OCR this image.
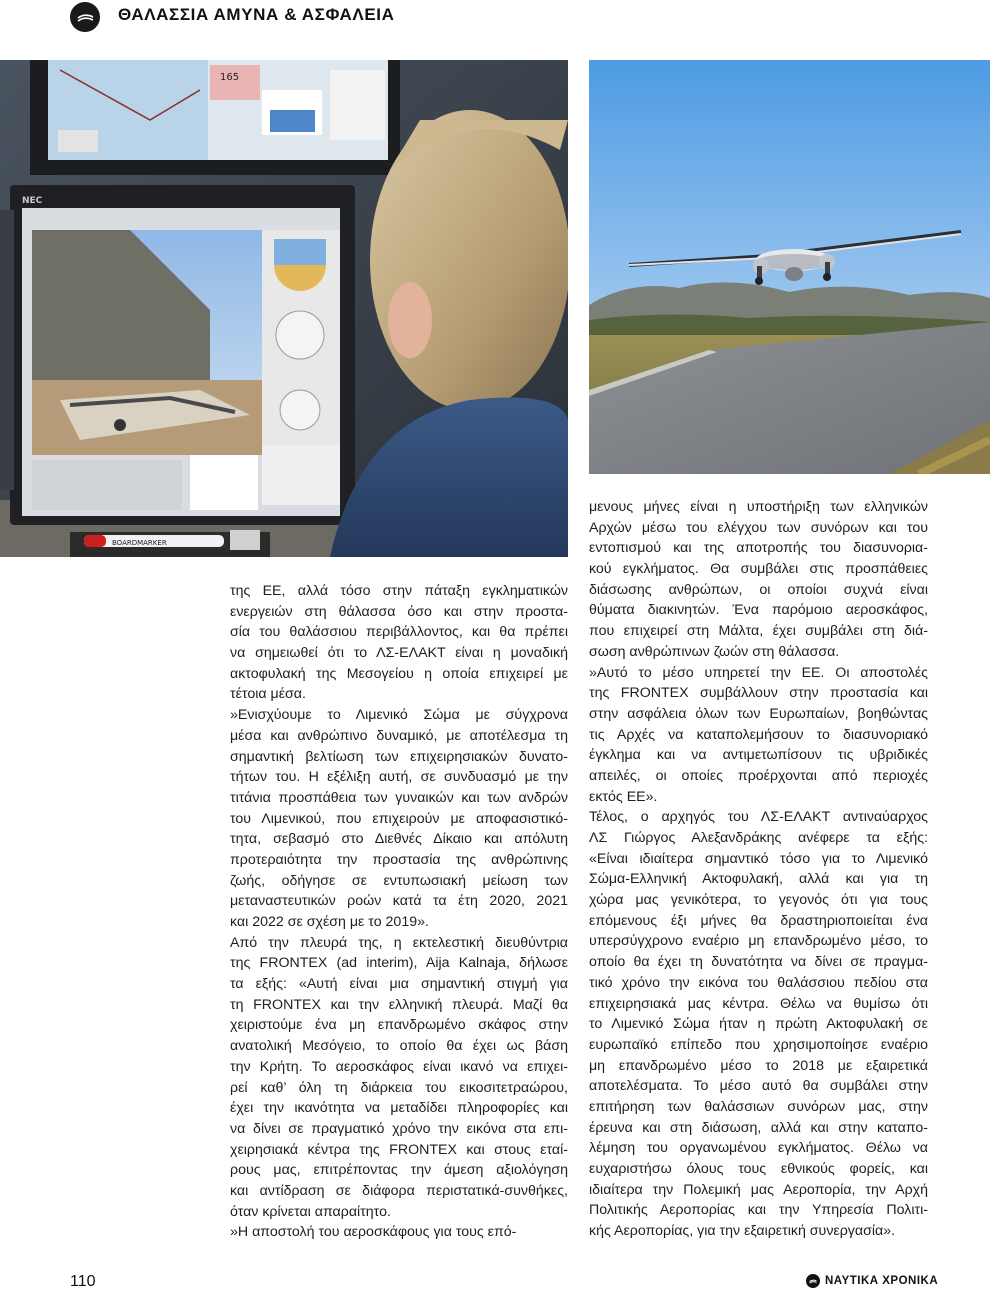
ΘΑΛΑΣΣΙΑ ΑΜΥΝΑ & ΑΣΦΑΛΕΙΑ
165
NEC
BOARDMARKER
της ΕΕ, αλλά τόσο στην πάταξη εγκληματικών
ενεργειών στη θάλασσα όσο και στην προστα-
σία του θαλάσσιου περιβάλλοντος, και θα πρέπει
να σημειωθεί ότι το ΛΣ-ΕΛΑΚΤ είναι η μοναδική
ακτοφυλακή της Μεσογείου η οποία επιχειρεί με
τέτοια μέσα.
»Ενισχύουμε το Λιμενικό Σώμα με σύγχρονα
μέσα και ανθρώπινο δυναμικό, με αποτέλεσμα τη
σημαντική βελτίωση των επιχειρησιακών δυνατο-
τήτων του. Η εξέλιξη αυτή, σε συνδυασμό με την
τιτάνια προσπάθεια των γυναικών και των ανδρών
του Λιμενικού, που επιχειρούν με αποφασιστικό-
τητα, σεβασμό στο Διεθνές Δίκαιο και απόλυτη
προτεραιότητα την προστασία της ανθρώπινης
ζωής, οδήγησε σε εντυπωσιακή μείωση των
μεταναστευτικών ροών κατά τα έτη 2020, 2021
και 2022 σε σχέση με το 2019».
Από την πλευρά της, η εκτελεστική διευθύντρια
της FRONTEX (ad interim), Aija Kalnaja, δήλωσε
τα εξής: «Αυτή είναι μια σημαντική στιγμή για
τη FRONTEX και την ελληνική πλευρά. Μαζί θα
χειριστούμε ένα μη επανδρωμένο σκάφος στην
ανατολική Μεσόγειο, το οποίο θα έχει ως βάση
την Κρήτη. Το αεροσκάφος είναι ικανό να επιχει-
ρεί καθ’ όλη τη διάρκεια του εικοσιτετραώρου,
έχει την ικανότητα να μεταδίδει πληροφορίες και
να δίνει σε πραγματικό χρόνο την εικόνα στα επι-
χειρησιακά κέντρα της FRONTEX και στους εταί-
ρους μας, επιτρέποντας την άμεση αξιολόγηση
και αντίδραση σε διάφορα περιστατικά-συνθήκες,
όταν κρίνεται απαραίτητο.
»Η αποστολή του αεροσκάφους για τους επό-
μενους μήνες είναι η υποστήριξη των ελληνικών
Αρχών μέσω του ελέγχου των συνόρων και του
εντοπισμού και της αποτροπής του διασυνορια-
κού εγκλήματος. Θα συμβάλει στις προσπάθειες
διάσωσης ανθρώπων, οι οποίοι συχνά είναι
θύματα διακινητών. Ένα παρόμοιο αεροσκάφος,
που επιχειρεί στη Μάλτα, έχει συμβάλει στη διά-
σωση ανθρώπινων ζωών στη θάλασσα.
»Αυτό το μέσο υπηρετεί την ΕΕ. Οι αποστολές
της FRONTEX συμβάλλουν στην προστασία και
στην ασφάλεια όλων των Ευρωπαίων, βοηθώντας
τις Αρχές να καταπολεμήσουν το διασυνοριακό
έγκλημα και να αντιμετωπίσουν τις υβριδικές
απειλές, οι οποίες προέρχονται από περιοχές
εκτός ΕΕ».
Τέλος, ο αρχηγός του ΛΣ-ΕΛΑΚΤ αντιναύαρχος
ΛΣ Γιώργος Αλεξανδράκης ανέφερε τα εξής:
«Είναι ιδιαίτερα σημαντικό τόσο για το Λιμενικό
Σώμα-Ελληνική Ακτοφυλακή, αλλά και για τη
χώρα μας γενικότερα, το γεγονός ότι για τους
επόμενους έξι μήνες θα δραστηριοποιείται ένα
υπερσύγχρονο εναέριο μη επανδρωμένο μέσο, το
οποίο θα έχει τη δυνατότητα να δίνει σε πραγμα-
τικό χρόνο την εικόνα του θαλάσσιου πεδίου στα
επιχειρησιακά μας κέντρα. Θέλω να θυμίσω ότι
το Λιμενικό Σώμα ήταν η πρώτη Ακτοφυλακή σε
ευρωπαϊκό επίπεδο που χρησιμοποίησε εναέριο
μη επανδρωμένο μέσο το 2018 με εξαιρετικά
αποτελέσματα. Το μέσο αυτό θα συμβάλει στην
επιτήρηση των θαλάσσιων συνόρων μας, στην
έρευνα και στη διάσωση, αλλά και στην καταπο-
λέμηση του οργανωμένου εγκλήματος. Θέλω να
ευχαριστήσω όλους τους εθνικούς φορείς, και
ιδιαίτερα την Πολεμική μας Αεροπορία, την Αρχή
Πολιτικής Αεροπορίας και την Υπηρεσία Πολιτι-
κής Αεροπορίας, για την εξαιρετική συνεργασία».
110	ΝΑΥΤΙΚΑ ΧΡΟΝΙΚΑ
